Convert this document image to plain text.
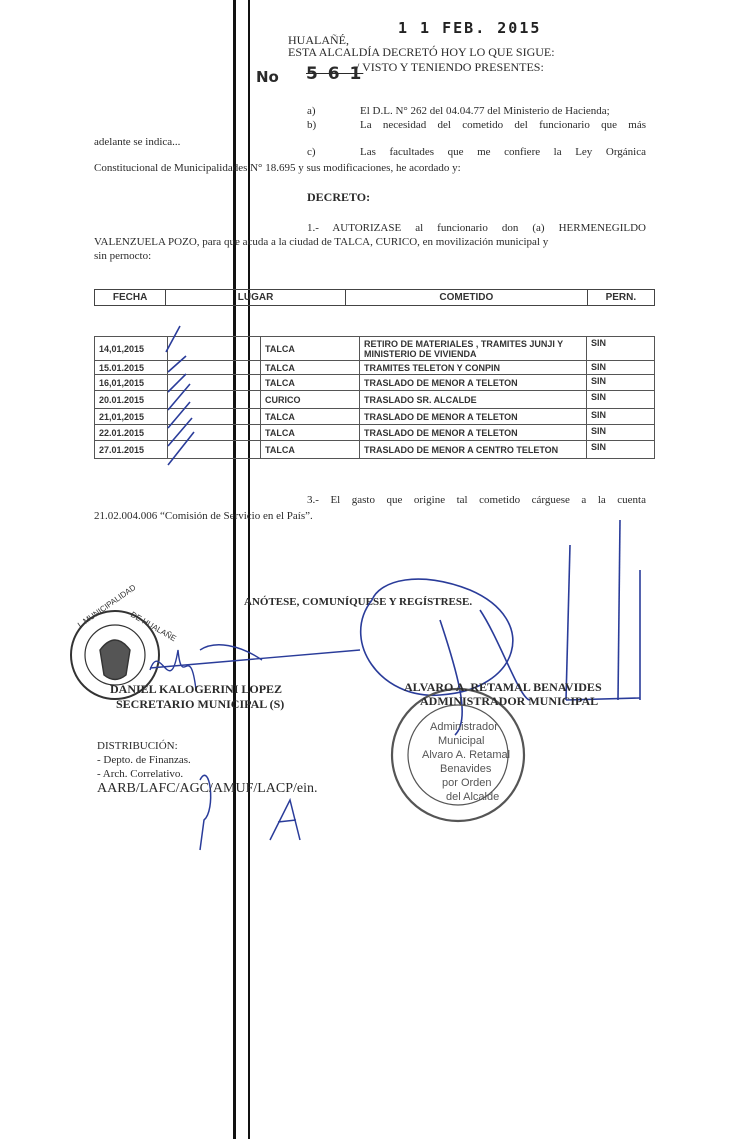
HUALAÑÉ,
1 1 FEB. 2015
ESTA ALCALDÍA DECRETÓ HOY LO QUE SIGUE:
No 5 6 1
/ VISTO Y TENIENDO PRESENTES:
a)	El D.L. N° 262 del 04.04.77 del Ministerio de Hacienda;
b)	La necesidad del cometido del funcionario que más
adelante se indica...
c)	Las facultades que me confiere la Ley Orgánica
Constitucional de Municipalidades N° 18.695 y sus modificaciones, he acordado y:
DECRETO:
1.- AUTORIZASE al funcionario don (a) HERMENEGILDO
VALENZUELA POZO, para que acuda a la ciudad de TALCA, CURICO, en movilización municipal y
sin pernocto:
FECHA	LUGAR	COMETIDO	PERN.
14,01,2015		TALCA	RETIRO DE MATERIALES , TRAMITES JUNJI Y MINISTERIO DE VIVIENDA	SIN
15.01.2015		TALCA	TRAMITES TELETON Y CONPIN	SIN
16,01,2015		TALCA	TRASLADO DE MENOR A TELETON	SIN
20.01.2015		CURICO	TRASLADO SR. ALCALDE	SIN
21,01,2015		TALCA	TRASLADO DE MENOR A TELETON	SIN
22.01.2015		TALCA	TRASLADO DE MENOR A TELETON	SIN
27.01.2015		TALCA	TRASLADO DE MENOR A CENTRO TELETON	SIN
3.- El gasto que origine tal cometido cárguese a la cuenta
21.02.004.006 “Comisión de Servicio en el País”.
ANÓTESE, COMUNÍQUESE Y REGÍSTRESE.
I. MUNICIPALIDAD
DE HUALAÑE
Administrador
Municipal
Alvaro A. Retamal
Benavides
por Orden
del Alcalde
DANIEL KALOGERINI LOPEZ
SECRETARIO MUNICIPAL (S)
ALVARO A. RETAMAL BENAVIDES
ADMINISTRADOR MUNICIPAL
DISTRIBUCIÓN:
- Depto. de Finanzas.
- Arch. Correlativo.
AARB/LAFC/AGC/AMUF/LACP/ein.
